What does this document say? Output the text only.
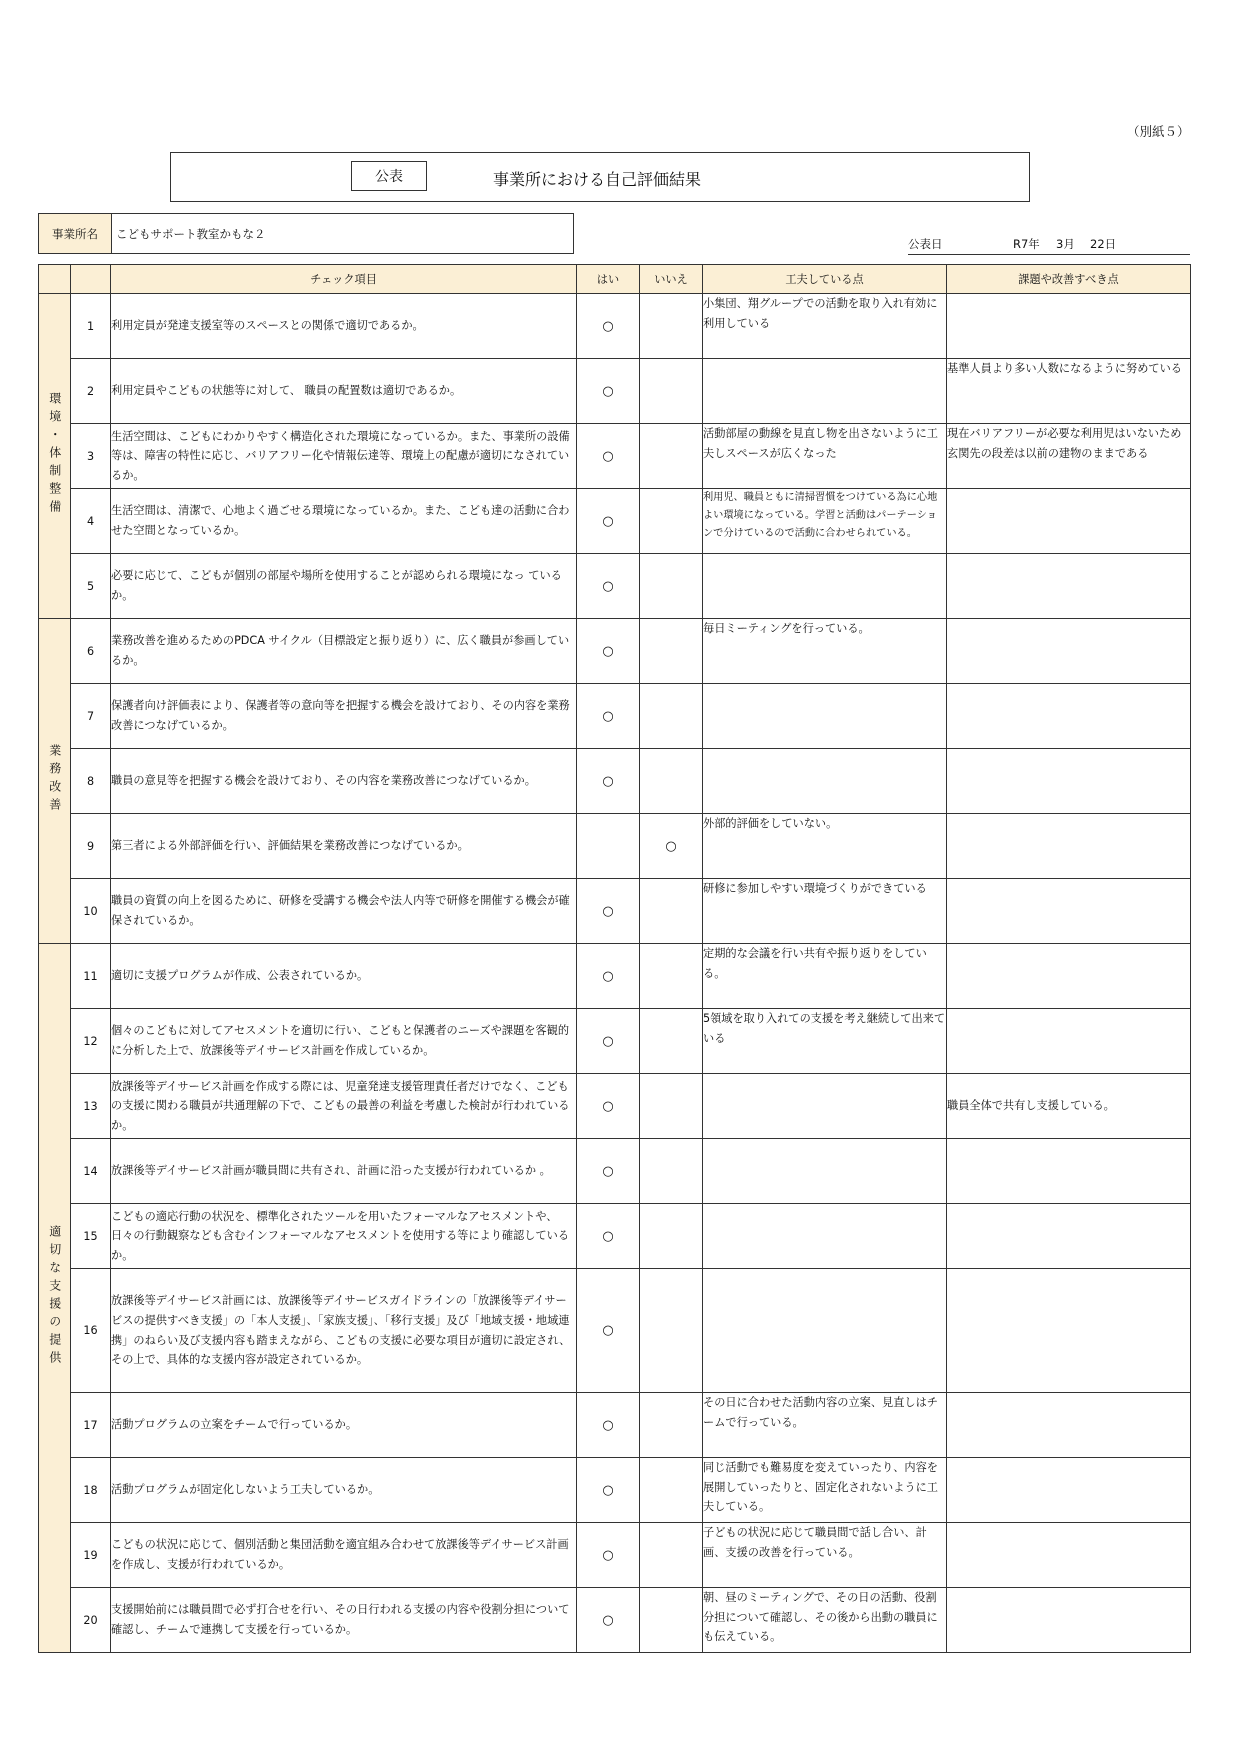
（別紙５）
公表	事業所における自己評価結果
事業所名	こどもサポート教室かもな２
公表日	R7年 3月 22日
		チェック項目	はい	いいえ	工夫している点	課題や改善すべき点
環境・体制整備	1	利用定員が発達支援室等のスペースとの関係で適切であるか。	○		小集団、翔グループでの活動を取り入れ有効に利用している	
	2	利用定員やこどもの状態等に対して、 職員の配置数は適切であるか。	○			基準人員より多い人数になるように努めている
	3	生活空間は、こどもにわかりやすく構造化された環境になっているか。また、事業所の設備等は、障害の特性に応じ、バリアフリー化や情報伝達等、環境上の配慮が適切になされているか。	○		活動部屋の動線を見直し物を出さないように工夫しスペースが広くなった	現在バリアフリーが必要な利用児はいないため玄関先の段差は以前の建物のままである
	4	生活空間は、清潔で、心地よく過ごせる環境になっているか。また、こども達の活動に合わせた空間となっているか。	○		利用児、職員ともに清掃習慣をつけている為に心地よい環境になっている。学習と活動はパーテーションで分けているので活動に合わせられている。	
	5	必要に応じて、こどもが個別の部屋や場所を使用することが認められる環境になっ ているか。	○			
業務改善	6	業務改善を進めるためのPDCA サイクル（目標設定と振り返り）に、広く職員が参画しているか。	○		毎日ミーティングを行っている。	
	7	保護者向け評価表により、保護者等の意向等を把握する機会を設けており、その内容を業務改善につなげているか。	○			
	8	職員の意見等を把握する機会を設けており、その内容を業務改善につなげているか。	○			
	9	第三者による外部評価を行い、評価結果を業務改善につなげているか。		○	外部的評価をしていない。	
	10	職員の資質の向上を図るために、研修を受講する機会や法人内等で研修を開催する機会が確保されているか。	○		研修に参加しやすい環境づくりができている	
適切な支援の提供	11	適切に支援プログラムが作成、公表されているか。	○		定期的な会議を行い共有や振り返りをしている。	
	12	個々のこどもに対してアセスメントを適切に行い、こどもと保護者のニーズや課題を客観的に分析した上で、放課後等デイサービス計画を作成しているか。	○		5領域を取り入れての支援を考え継続して出来ている	
	13	放課後等デイサービス計画を作成する際には、児童発達支援管理責任者だけでなく、こどもの支援に関わる職員が共通理解の下で、こどもの最善の利益を考慮した検討が行われているか。	○			職員全体で共有し支援している。
	14	放課後等デイサービス計画が職員間に共有され、計画に沿った支援が行われているか 。	○			
	15	こどもの適応行動の状況を、標準化されたツールを用いたフォーマルなアセスメントや、日々の行動観察なども含むインフォーマルなアセスメントを使用する等により確認しているか。	○			
	16	放課後等デイサービス計画には、放課後等デイサービスガイドラインの「放課後等デイサービスの提供すべき支援」の「本人支援」、「家族支援」、「移行支援」及び「地域支援・地域連携」のねらい及び支援内容も踏まえながら、こどもの支援に必要な項目が適切に設定され、その上で、具体的な支援内容が設定されているか。	○			
	17	活動プログラムの立案をチームで行っているか。	○		その日に合わせた活動内容の立案、見直しはチームで行っている。	
	18	活動プログラムが固定化しないよう工夫しているか。	○		同じ活動でも難易度を変えていったり、内容を展開していったりと、固定化されないように工夫している。	
	19	こどもの状況に応じて、個別活動と集団活動を適宜組み合わせて放課後等デイサービス計画を作成し、支援が行われているか。	○		子どもの状況に応じて職員間で話し合い、計画、支援の改善を行っている。	
	20	支援開始前には職員間で必ず打合せを行い、その日行われる支援の内容や役割分担について確認し、チームで連携して支援を行っているか。	○		朝、昼のミーティングで、その日の活動、役割分担について確認し、その後から出動の職員にも伝えている。	
